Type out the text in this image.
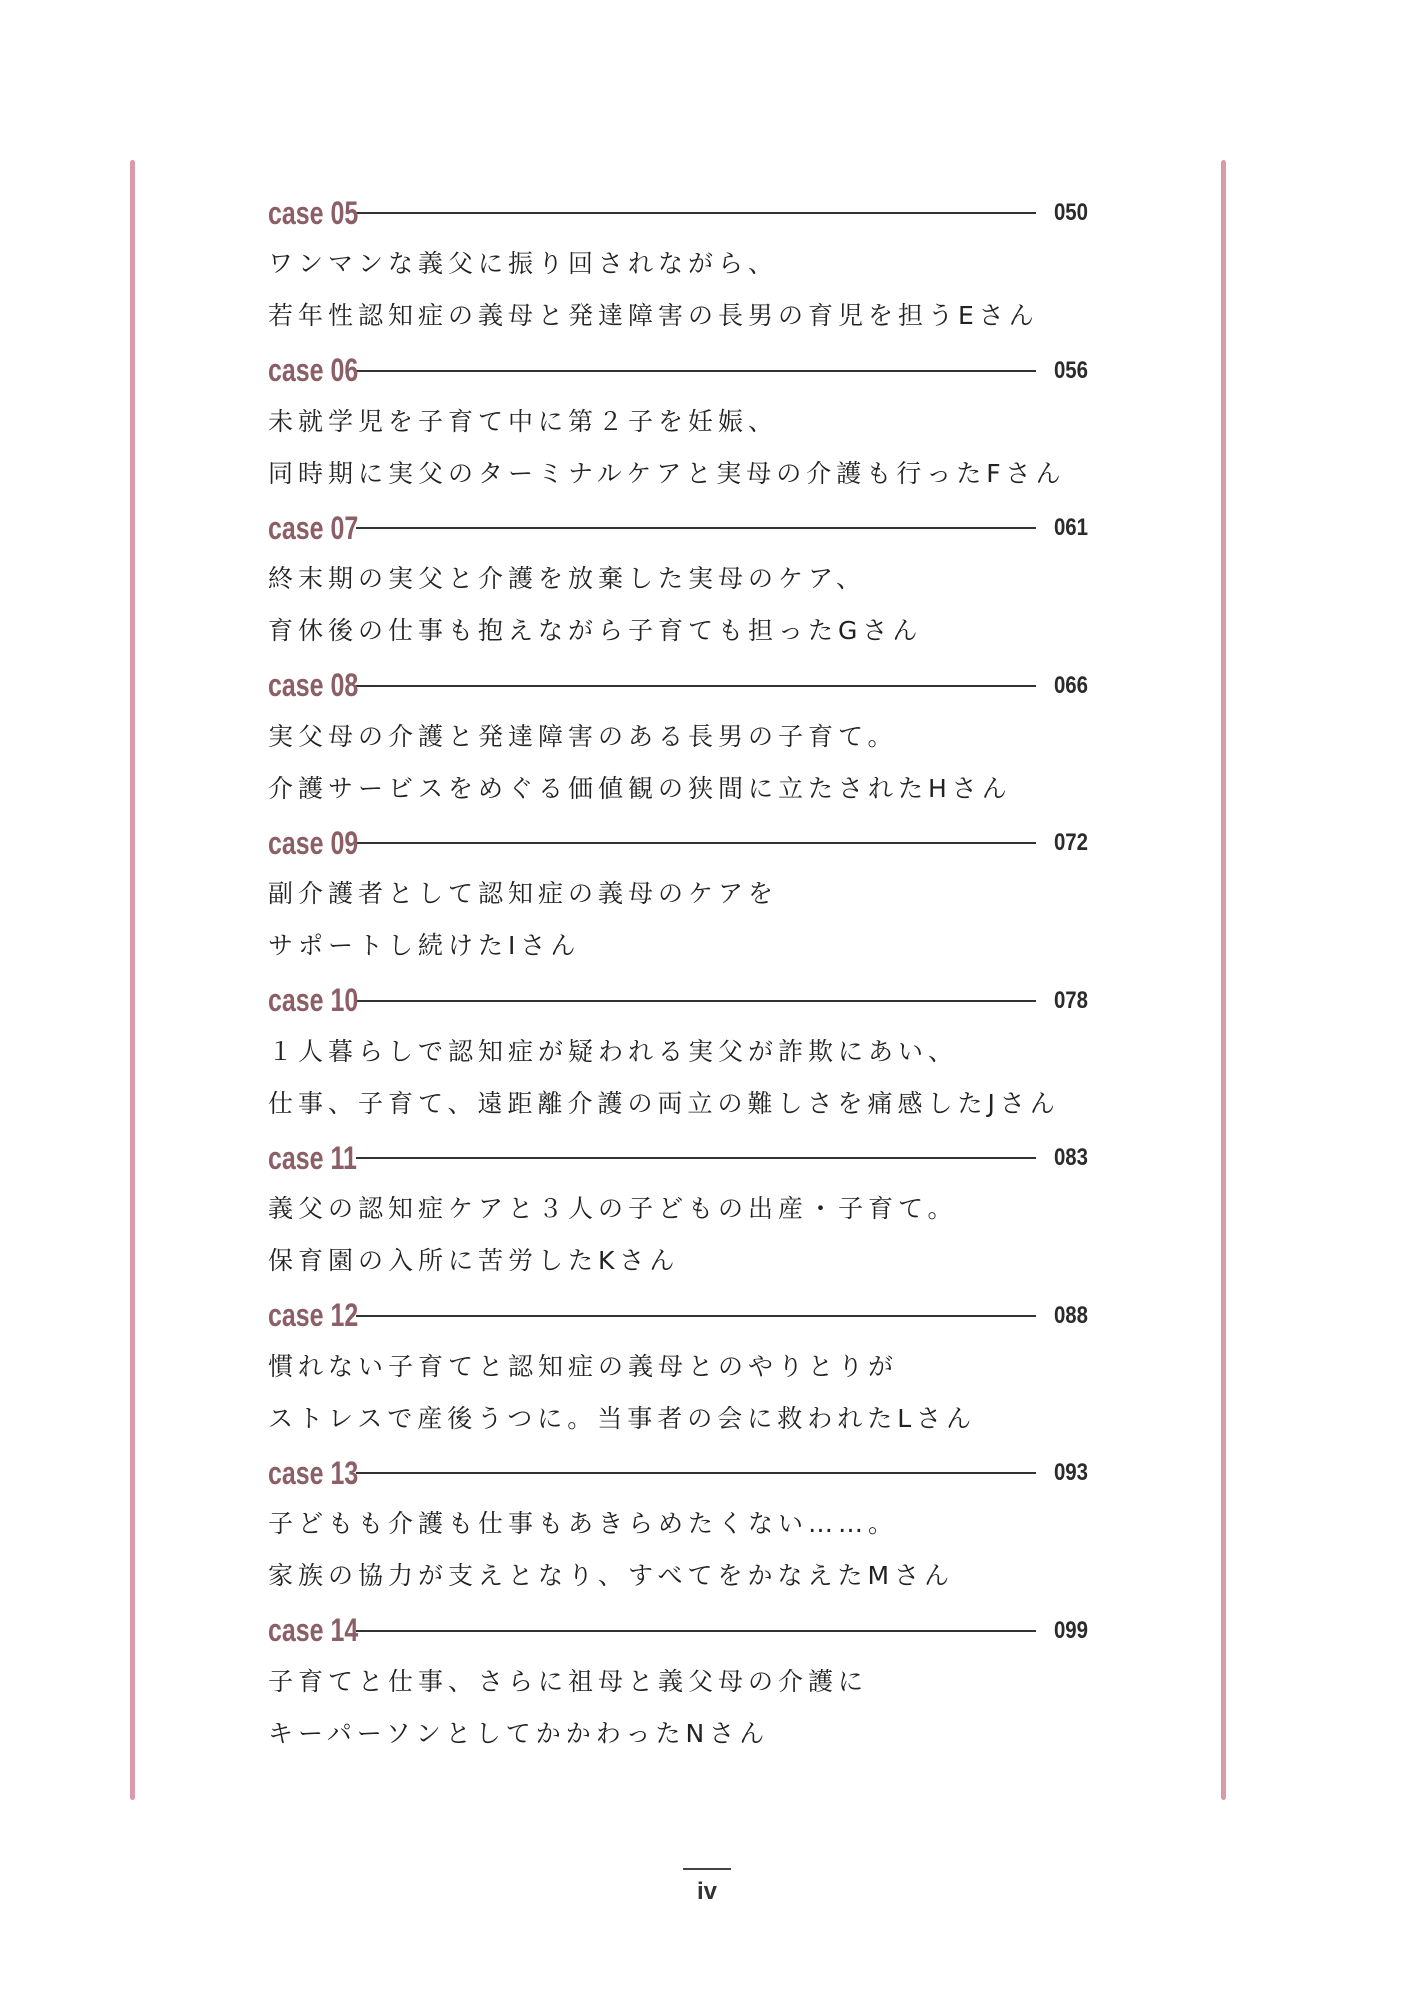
case 05	050
ワンマンな義父に振り回されながら、
若年性認知症の義母と発達障害の長男の育児を担うEさん
case 06	056
未就学児を子育て中に第２子を妊娠、
同時期に実父のターミナルケアと実母の介護も行ったFさん
case 07	061
終末期の実父と介護を放棄した実母のケア、
育休後の仕事も抱えながら子育ても担ったGさん
case 08	066
実父母の介護と発達障害のある長男の子育て。
介護サービスをめぐる価値観の狭間に立たされたHさん
case 09	072
副介護者として認知症の義母のケアを
サポートし続けたIさん
case 10	078
１人暮らしで認知症が疑われる実父が詐欺にあい、
仕事、子育て、遠距離介護の両立の難しさを痛感したJさん
case 11	083
義父の認知症ケアと３人の子どもの出産・子育て。
保育園の入所に苦労したKさん
case 12	088
慣れない子育てと認知症の義母とのやりとりが
ストレスで産後うつに。当事者の会に救われたLさん
case 13	093
子どもも介護も仕事もあきらめたくない……。
家族の協力が支えとなり、すべてをかなえたMさん
case 14	099
子育てと仕事、さらに祖母と義父母の介護に
キーパーソンとしてかかわったNさん
iv
